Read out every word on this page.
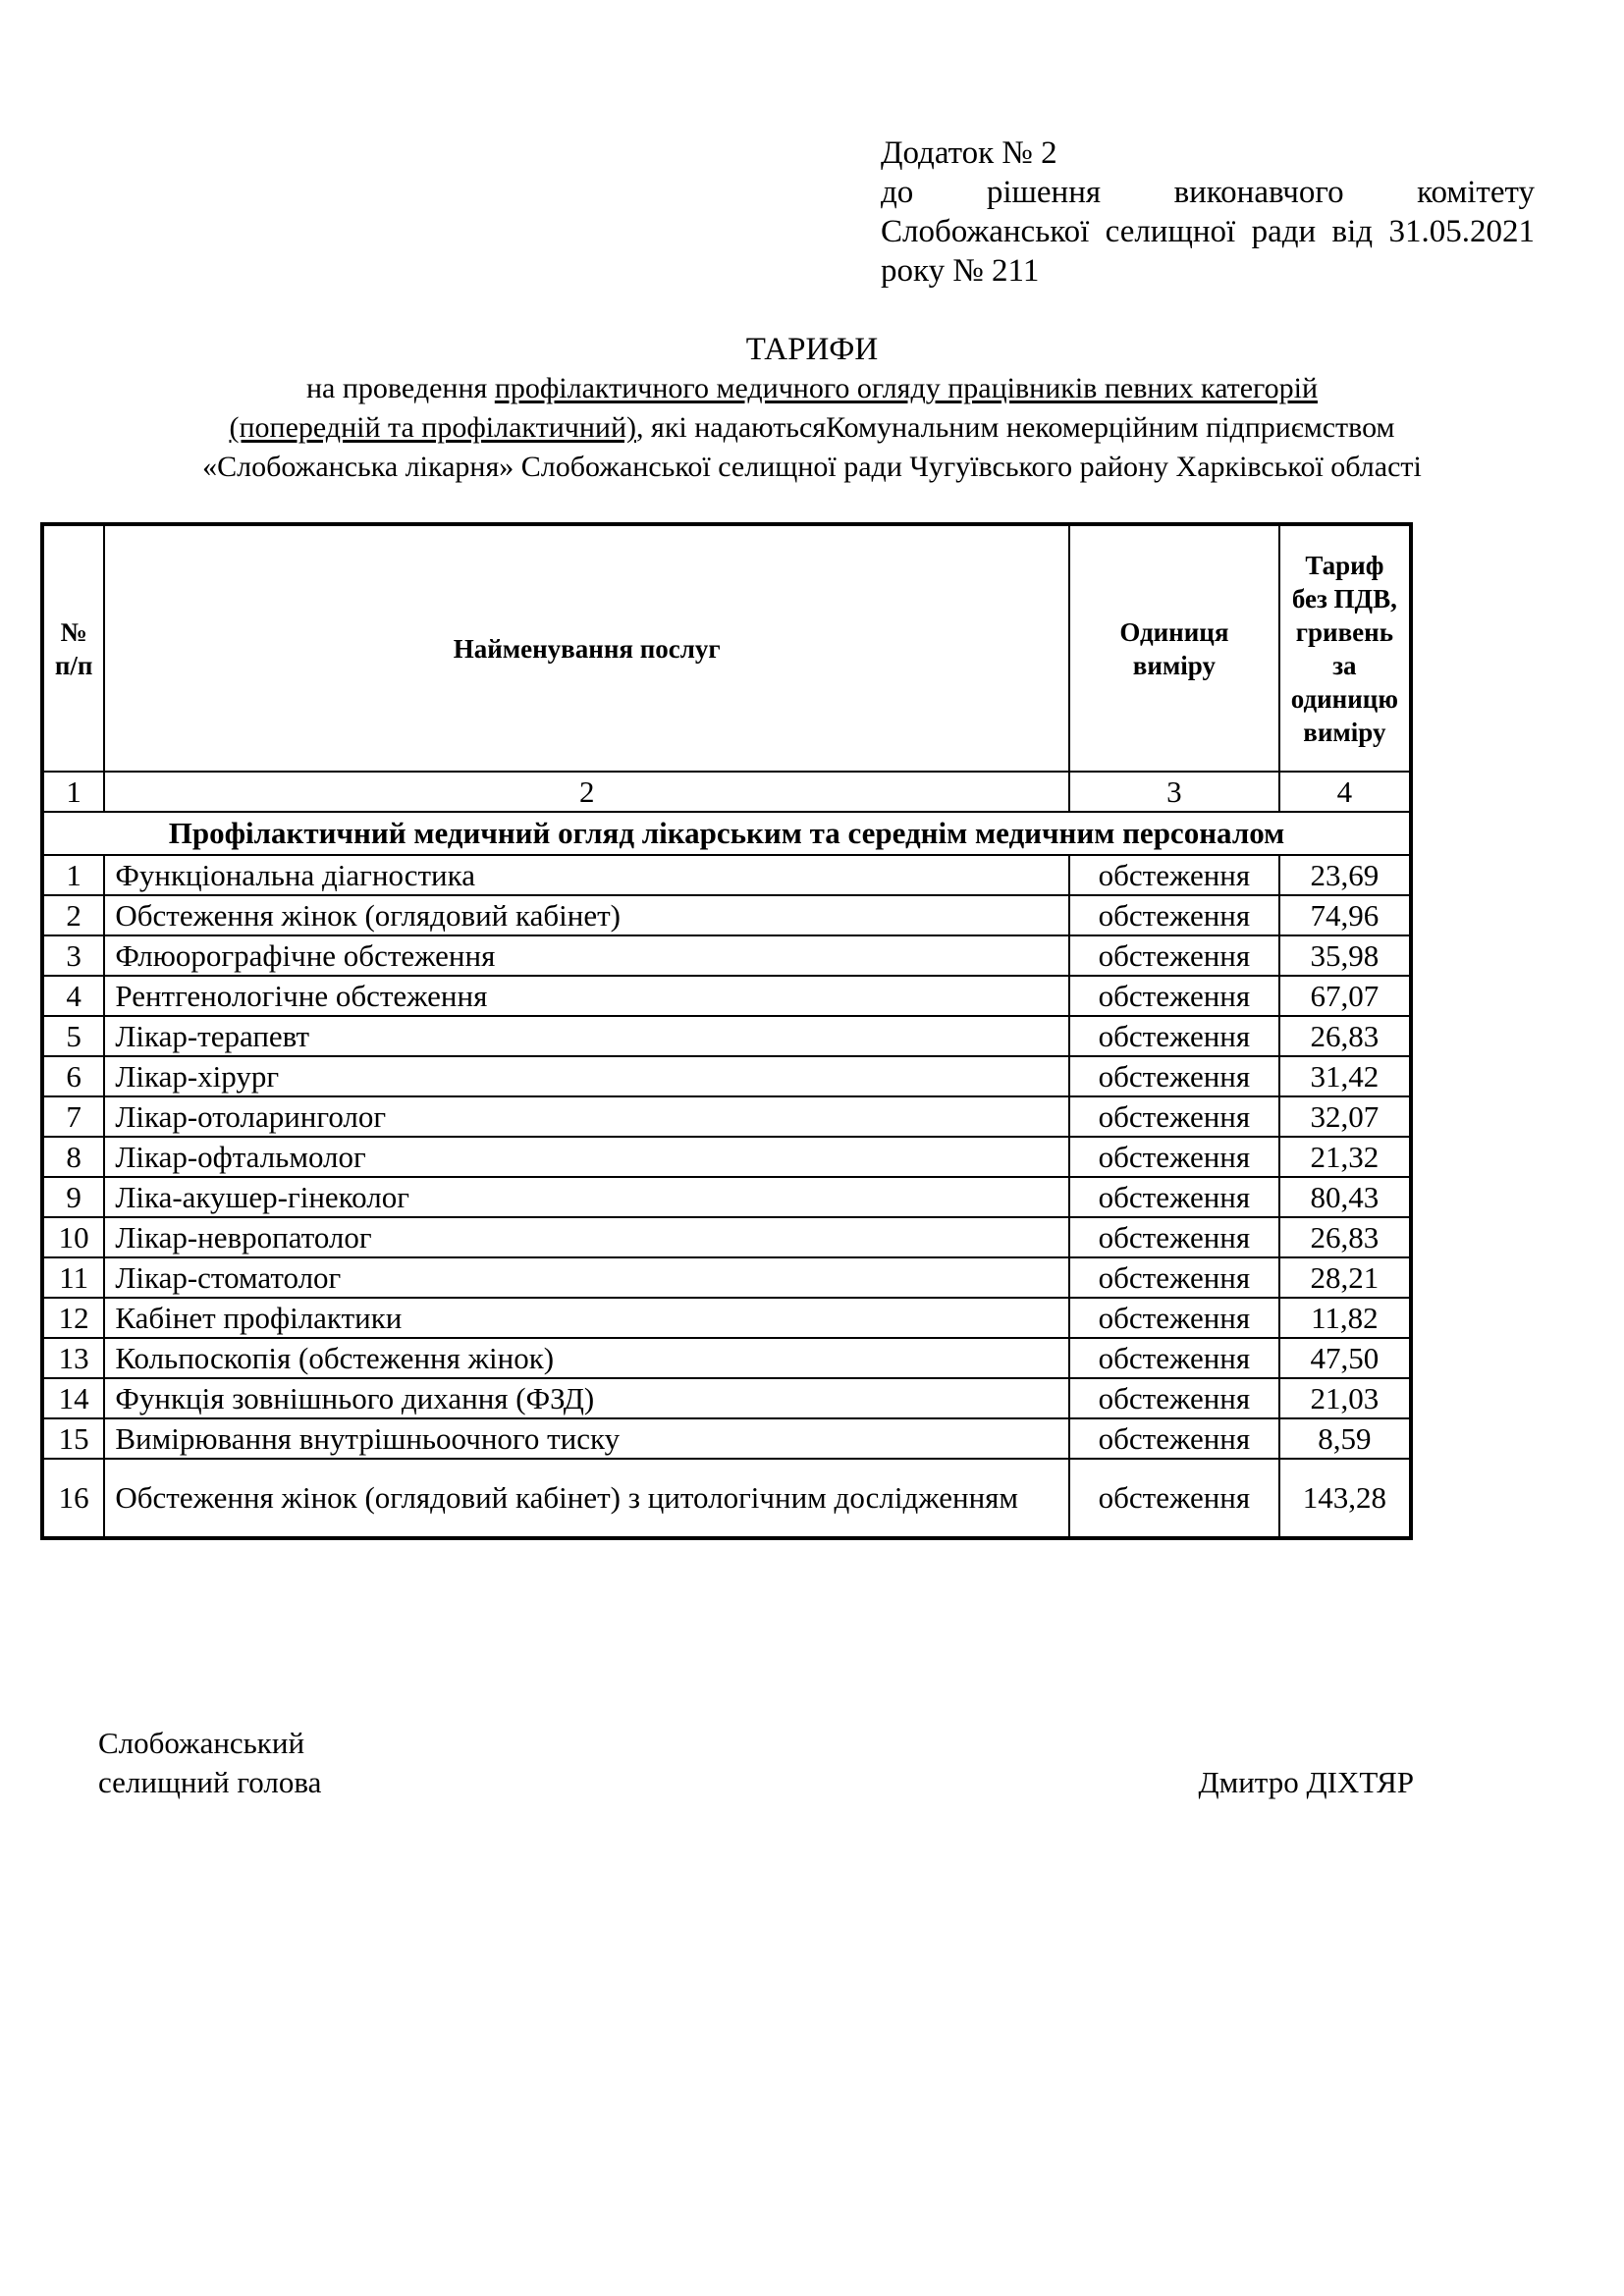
Додаток № 2
до рішення виконавчого комітету
Слобожанської селищної ради від 31.05.2021
року № 211
ТАРИФИ
на проведення профілактичного медичного огляду працівників певних категорій
(попередній та профілактичний), які надаютьсяКомунальним некомерційним підприємством
«Слобожанська лікарня» Слобожанської селищної ради Чугуївського району Харківської області
№ п/п	Найменування послуг	Одиниця виміру	Тариф без ПДВ, гривень за одиницю виміру
1	2	3	4
Профілактичний медичний огляд лікарським та середнім медичним персоналом			
1	Функціональна діагностика	обстеження	23,69
2	Обстеження жінок (оглядовий кабінет)	обстеження	74,96
3	Флюорографічне обстеження	обстеження	35,98
4	Рентгенологічне обстеження	обстеження	67,07
5	Лікар-терапевт	обстеження	26,83
6	Лікар-хірург	обстеження	31,42
7	Лікар-отоларинголог	обстеження	32,07
8	Лікар-офтальмолог	обстеження	21,32
9	Ліка-акушер-гінеколог	обстеження	80,43
10	Лікар-невропатолог	обстеження	26,83
11	Лікар-стоматолог	обстеження	28,21
12	Кабінет профілактики	обстеження	11,82
13	Кольпоскопія (обстеження жінок)	обстеження	47,50
14	Функція зовнішнього дихання (ФЗД)	обстеження	21,03
15	Вимірювання внутрішньоочного тиску	обстеження	8,59
16	Обстеження жінок (оглядовий кабінет) з цитологічним дослідженням	обстеження	143,28
Слобожанський
селищний голова	Дмитро ДІХТЯР
